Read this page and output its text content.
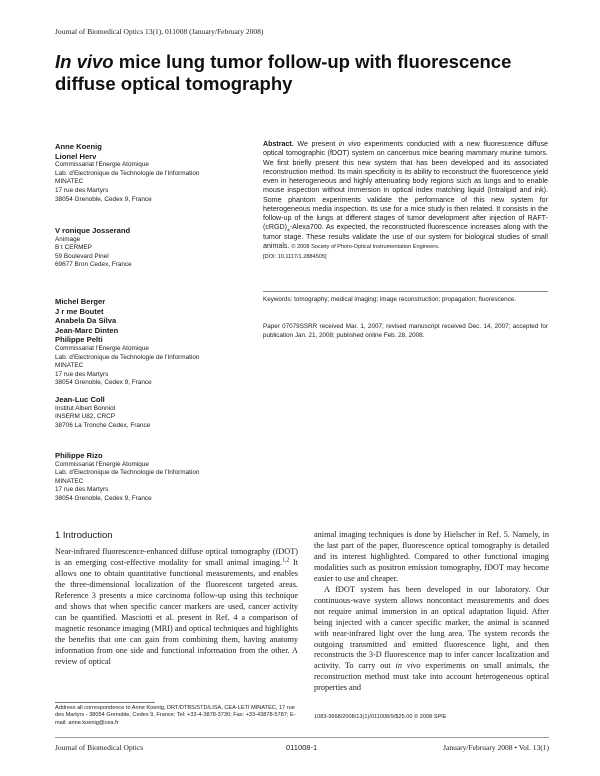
Journal of Biomedical Optics 13(1), 011008 (January/February 2008)
In vivo mice lung tumor follow-up with fluorescence
diffuse optical tomography
Anne Koenig
Lionel Herv
Commissariat l'Energie Atomique
Lab. d'Electronique de Technologie de l'Information
MINATEC
17 rue des Martyrs
38054 Grenoble, Cedex 9, France
V ronique Josserand
Animage
B t CERMEP
59 Boulevard Pinel
69677 Bron Cedex, France
Michel Berger
J r me Boutet
Anabela Da Silva
Jean-Marc Dinten
Philippe Pelti
Commissariat l'Energie Atomique
Lab. d'Electronique de Technologie de l'Information
MINATEC
17 rue des Martyrs
38054 Grenoble, Cedex 9, France
Jean-Luc Coll
Institut Albert Bonniot
INSERM U82, CRCP
38706 La Tronche Cedex, France
Philippe Rizo
Commissariat l'Energie Atomique
Lab. d'Electronique de Technologie de l'Information
MINATEC
17 rue des Martyrs
38054 Grenoble, Cedex 9, France
Abstract. We present in vivo experiments conducted with a new fluorescence diffuse optical tomographic (fDOT) system on cancerous mice bearing mammary murine tumors. We first briefly present this new system that has been developed and its associated reconstruction method. Its main specificity is its ability to reconstruct the fluorescence yield even in heterogeneous and highly attenuating body regions such as lungs and to enable mouse inspection without immersion in optical index matching liquid (Intralipid and ink). Some phantom experiments validate the performance of this new system for heterogeneous media inspection. Its use for a mice study is then related. It consists in the follow-up of the lungs at different stages of tumor development after injection of RAFT-$(cRGD)_4-Alexa700$. As expected, the reconstructed fluorescence increases along with the tumor stage. These results validate the use of our system for biological studies of small animals. © 2008 Society of Photo-Optical Instrumentation Engineers.
[DOI: 10.1117/1.2884505]
Keywords: tomography; medical imaging; image reconstruction; propagation; fluorescence.
Paper 07079SSRR received Mar. 1, 2007; revised manuscript received Dec. 14, 2007; accepted for publication Jan. 21, 2008; published online Feb. 28, 2008.
1 Introduction

Near-infrared fluorescence-enhanced diffuse optical tomography (fDOT) is an emerging cost-effective modality for small animal imaging.$^{1,2}$ It allows one to obtain quantitative functional measurements, and enables the three-dimensional localization of the fluorescent targeted areas. Reference 3 presents a mice carcinoma follow-up using this technique and shows that when specific cancer markers are used, cancer activity can be quantified. Masciotti et al. present in Ref. 4 a comparison of magnetic resonance imaging (MRI) and optical techniques and highlights the benefits that one can gain from combining them, having anatomy information from one side and functional information from the other. A review of optical

animal imaging techniques is done by Hielscher in Ref. 5. Namely, in the last part of the paper, fluorescence optical tomography is detailed and its interest highlighted. Compared to other functional imaging modalities such as positron emission tomography, fDOT may become easier to use and cheaper.

A fDOT system has been developed in our laboratory. Our continuous-wave system allows noncontact measurements and does not require animal immersion in an optical adaptation liquid. After being injected with a cancer specific marker, the animal is scanned with near-infrared light over the lung area. The system records the outgoing transmitted and emitted fluorescence light, and then reconstructs the 3-D fluorescence map to infer cancer localization and activity. To carry out in vivo experiments on small animals, the reconstruction method must take into account heterogeneous optical properties and

Address all correspondence to Anne Koenig, DRT/DTBS/STD/LISA, CEA-LETI MINATEC, 17 rue des Martyrs - 38054 Grenoble, Cedex 9, France; Tel: +33-4-3878-3730; Fax: +33-43878-5787; E-mail: anne.koenig@cea.fr
1083-3668/2008/13(1)/011008/9/$25.00 © 2008 SPIE
Journal of Biomedical Optics	011008-1	January/February 2008 • Vol. 13(1)
